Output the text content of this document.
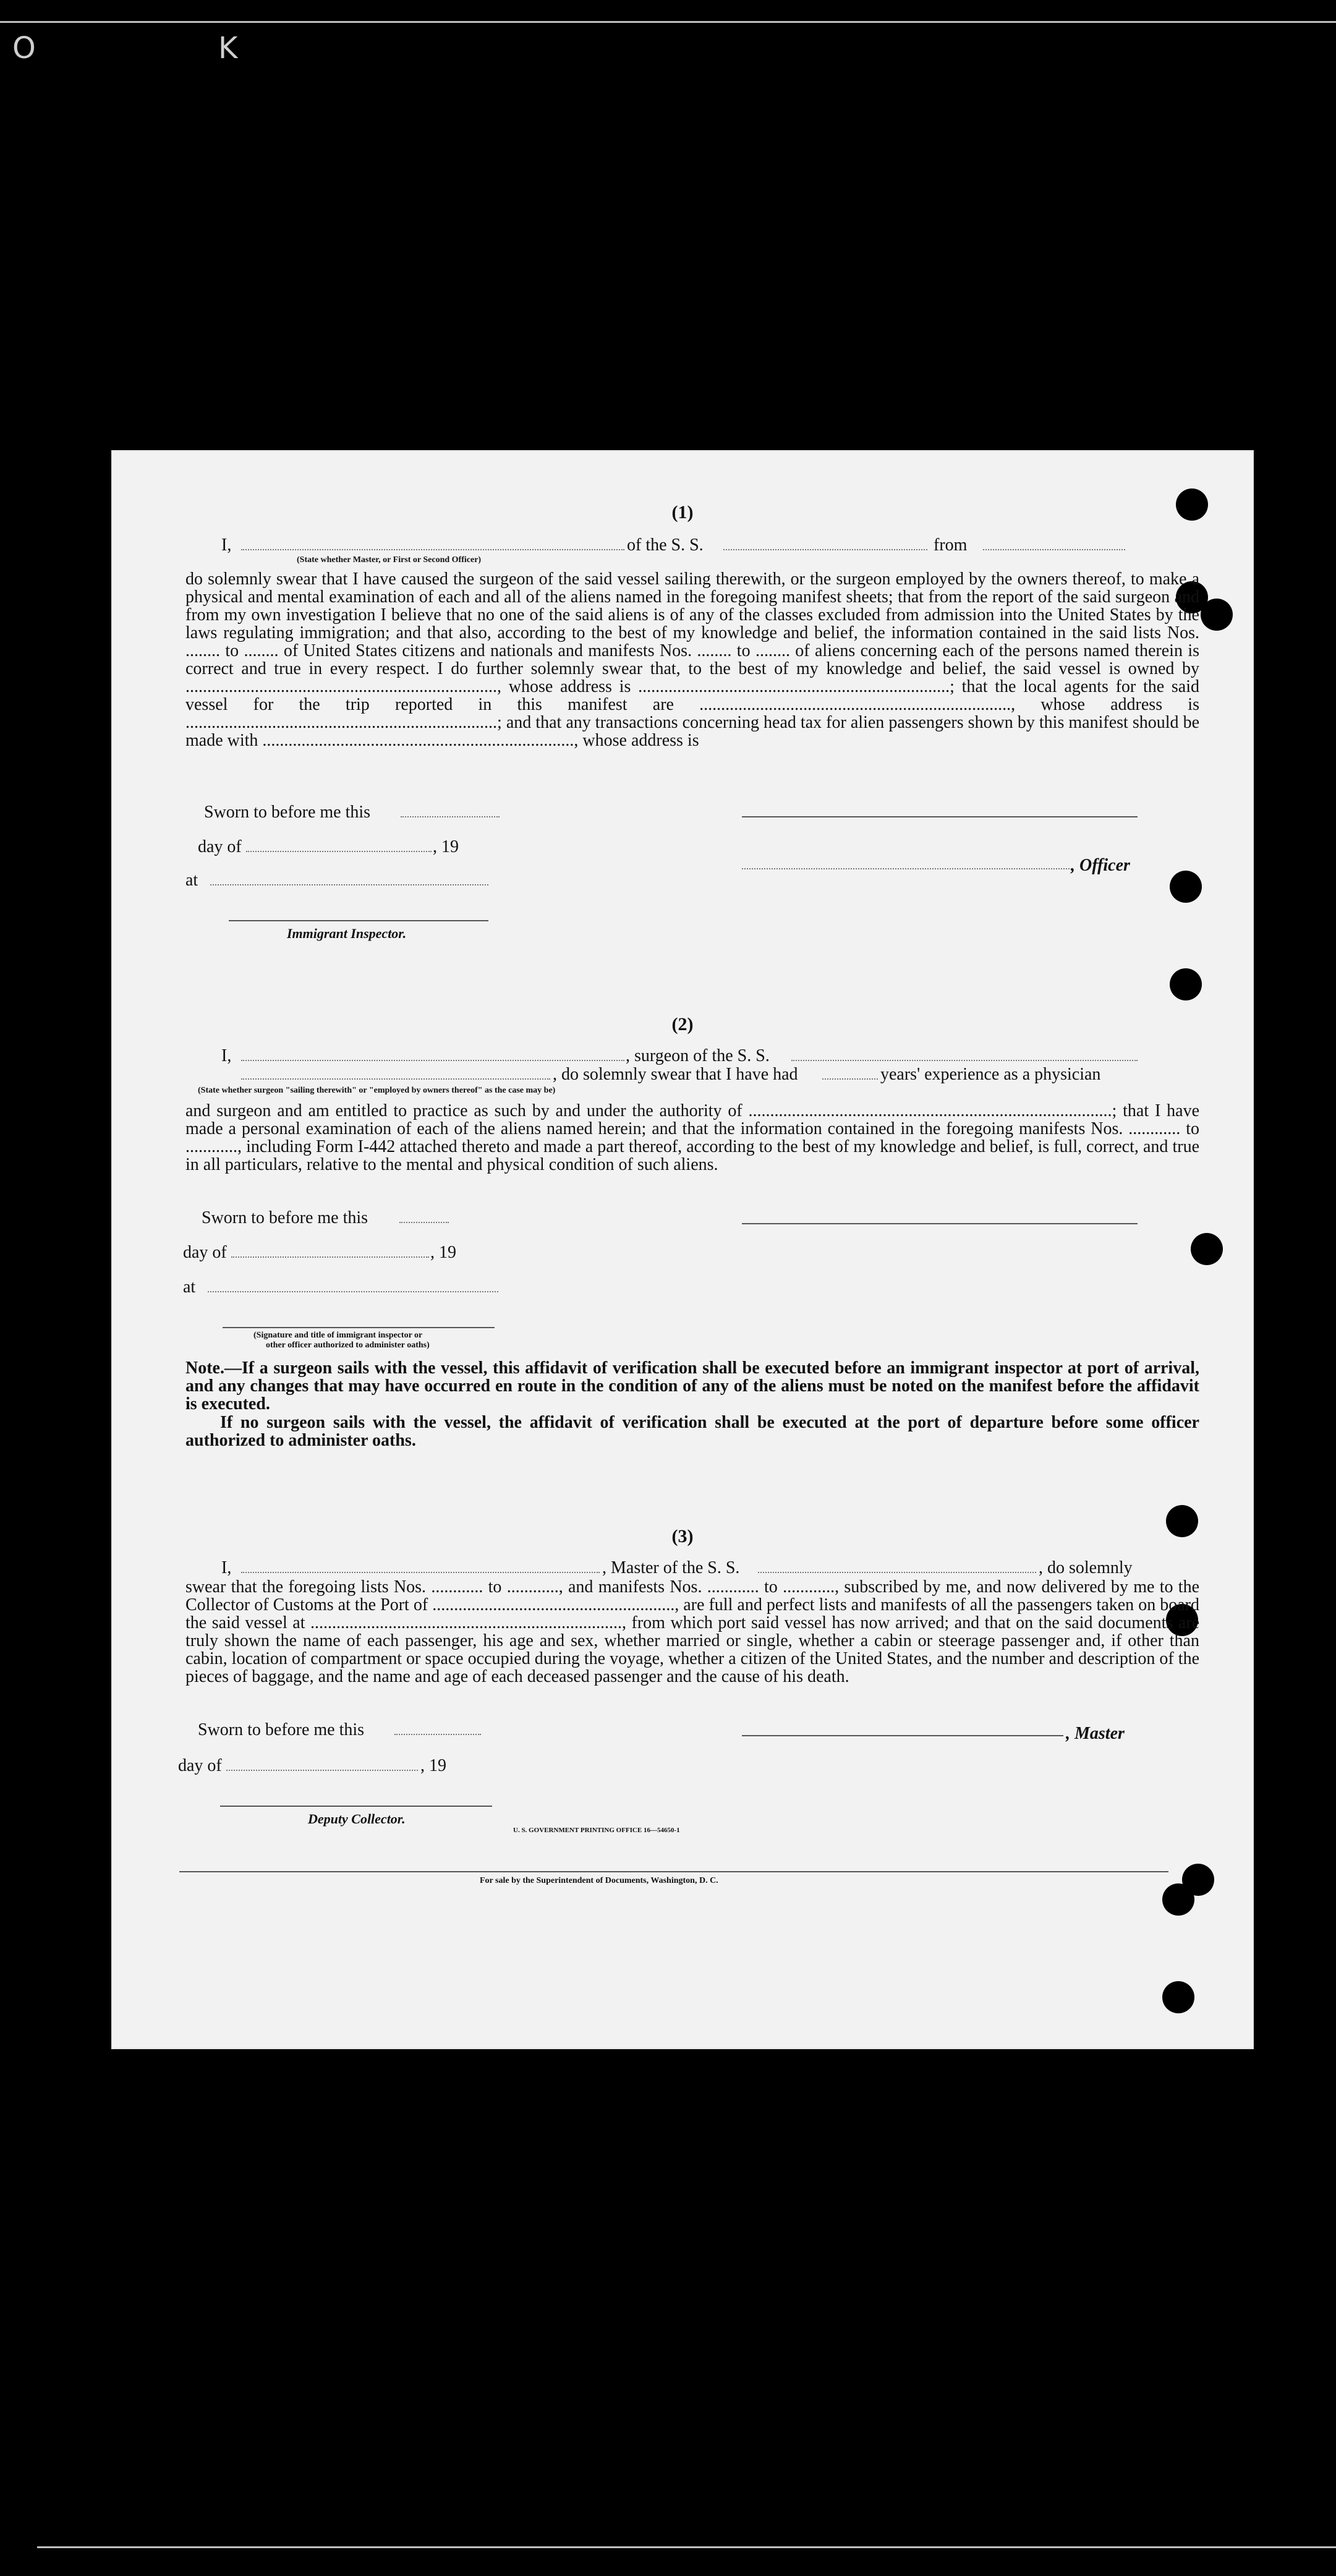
O K
(1)
I,	of the S. S.	from
(State whether Master, or First or Second Officer)
do solemnly swear that I have caused the surgeon of the said vessel sailing therewith, or the surgeon employed by the owners thereof, to make a physical and mental examination of each and all of the aliens named in the foregoing manifest sheets; that from the report of the said surgeon and from my own investigation I believe that no one of the said aliens is of any of the classes excluded from admission into the United States by the laws regulating immigration; and that also, according to the best of my knowledge and belief, the information contained in the said lists Nos. ........ to ........ of United States citizens and nationals and manifests Nos. ........ to ........ of aliens concerning each of the persons named therein is correct and true in every respect. I do further solemnly swear that, to the best of my knowledge and belief, the said vessel is owned by ........................................................................, whose address is ........................................................................; that the local agents for the said vessel for the trip reported in this manifest are ........................................................................, whose address is ........................................................................; and that any transactions concerning head tax for alien passengers shown by this manifest should be made with ........................................................................, whose address is
Sworn to before me this
day of	, 19
, Officer
at
Immigrant Inspector.
(2)
I,	, surgeon of the S. S.
, do solemnly swear that I have had	years' experience as a physician
(State whether surgeon "sailing therewith" or "employed by owners thereof" as the case may be)
and surgeon and am entitled to practice as such by and under the authority of ....................................................................................; that I have made a personal examination of each of the aliens named herein; and that the information contained in the foregoing manifests Nos. ............ to ............, including Form I-442 attached thereto and made a part thereof, according to the best of my knowledge and belief, is full, correct, and true in all particulars, relative to the mental and physical condition of such aliens.
Sworn to before me this
day of	, 19
at
(Signature and title of immigrant inspector or
other officer authorized to administer oaths)
Note.—If a surgeon sails with the vessel, this affidavit of verification shall be executed before an immigrant inspector at port of arrival, and any changes that may have occurred en route in the condition of any of the aliens must be noted on the manifest before the affidavit is executed.
If no surgeon sails with the vessel, the affidavit of verification shall be executed at the port of departure before some officer authorized to administer oaths.
(3)
I,	, Master of the S. S.	, do solemnly
swear that the foregoing lists Nos. ............ to ............, and manifests Nos. ............ to ............, subscribed by me, and now delivered by me to the Collector of Customs at the Port of ........................................................, are full and perfect lists and manifests of all the passengers taken on board the said vessel at ........................................................................, from which port said vessel has now arrived; and that on the said documents are truly shown the name of each passenger, his age and sex, whether married or single, whether a cabin or steerage passenger and, if other than cabin, location of compartment or space occupied during the voyage, whether a citizen of the United States, and the number and description of the pieces of baggage, and the name and age of each deceased passenger and the cause of his death.
Sworn to before me this	, Master
day of	, 19
Deputy Collector.
U. S. GOVERNMENT PRINTING OFFICE 16—54650-1
For sale by the Superintendent of Documents, Washington, D. C.
